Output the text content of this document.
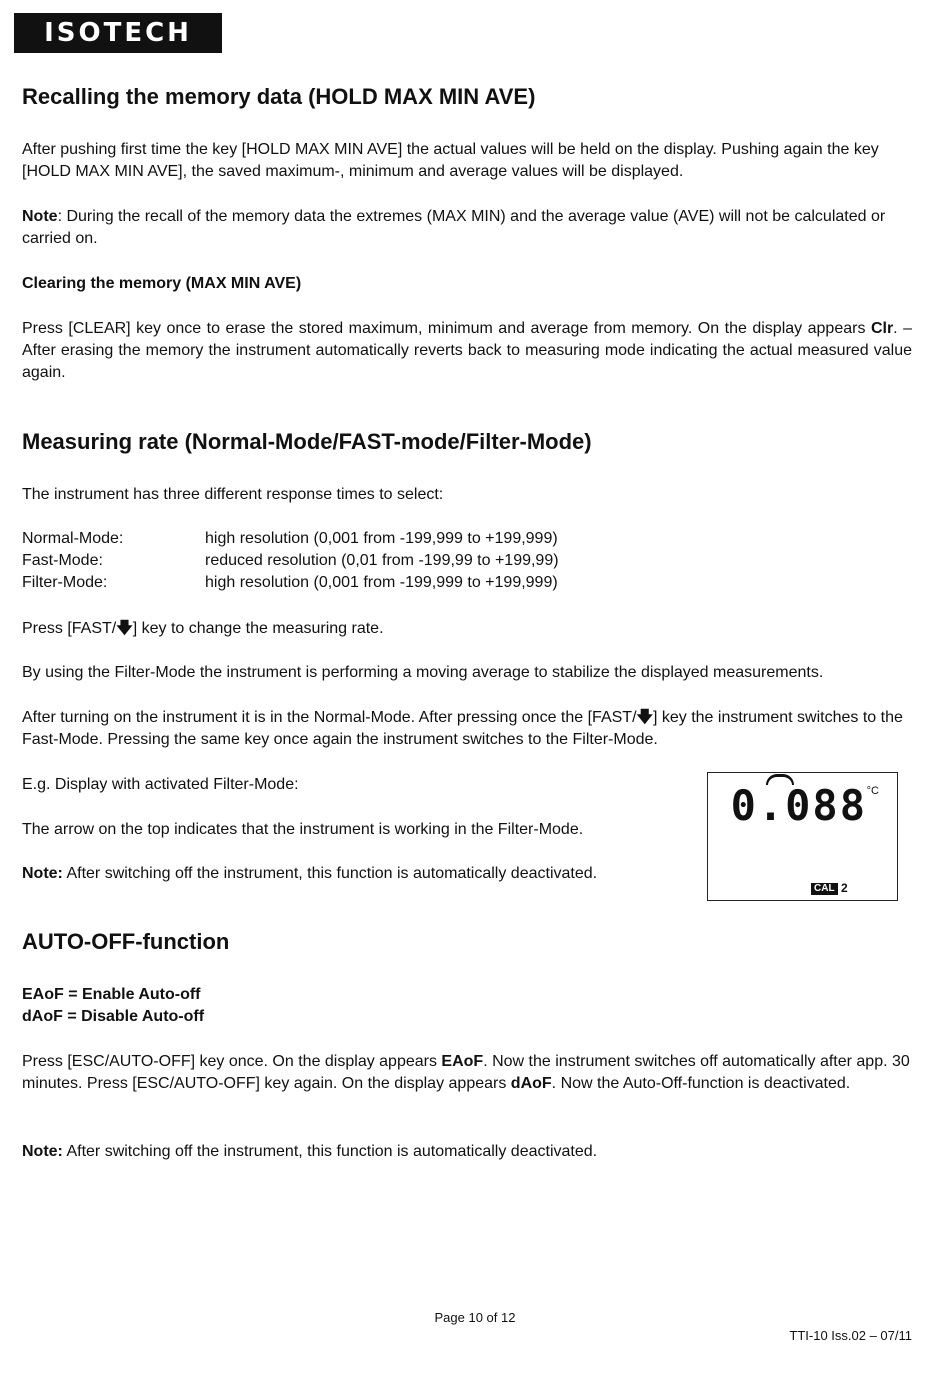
ISOTECH

Recalling the memory data (HOLD MAX MIN AVE)

After pushing first time the key [HOLD MAX MIN AVE] the actual values will be held on the display. Pushing again the key [HOLD MAX MIN AVE], the saved maximum-, minimum and average values will be displayed.

Note: During the recall of the memory data the extremes (MAX MIN) and the average value (AVE) will not be calculated or carried on.

Clearing the memory (MAX MIN AVE)

Press [CLEAR] key once to erase the stored maximum, minimum and average from memory. On the display appears Clr. – After erasing the memory the instrument automatically reverts back to measuring mode indicating the actual measured value again.

Measuring rate (Normal-Mode/FAST-mode/Filter-Mode)

The instrument has three different response times to select:

Normal-Mode:	high resolution (0,001 from -199,999 to +199,999)
Fast-Mode:	reduced resolution (0,01 from -199,99 to +199,99)
Filter-Mode:	high resolution (0,001 from -199,999 to +199,999)

Press [FAST/🡇] key to change the measuring rate.

By using the Filter-Mode the instrument is performing a moving average to stabilize the displayed measurements.

After turning on the instrument it is in the Normal-Mode. After pressing once the [FAST/🡇] key the instrument switches to the Fast-Mode. Pressing the same key once again the instrument switches to the Filter-Mode.

E.g. Display with activated Filter-Mode:

The arrow on the top indicates that the instrument is working in the Filter-Mode.

Note: After switching off the instrument, this function is automatically deactivated.

0.088 °C
CAL 2

AUTO-OFF-function

EAoF = Enable Auto-off

dAoF = Disable Auto-off

Press [ESC/AUTO-OFF] key once. On the display appears EAoF. Now the instrument switches off automatically after app. 30 minutes. Press [ESC/AUTO-OFF] key again. On the display appears dAoF. Now the Auto-Off-function is deactivated.

Note: After switching off the instrument, this function is automatically deactivated.

Page 10 of 12
TTI-10 Iss.02 – 07/11
